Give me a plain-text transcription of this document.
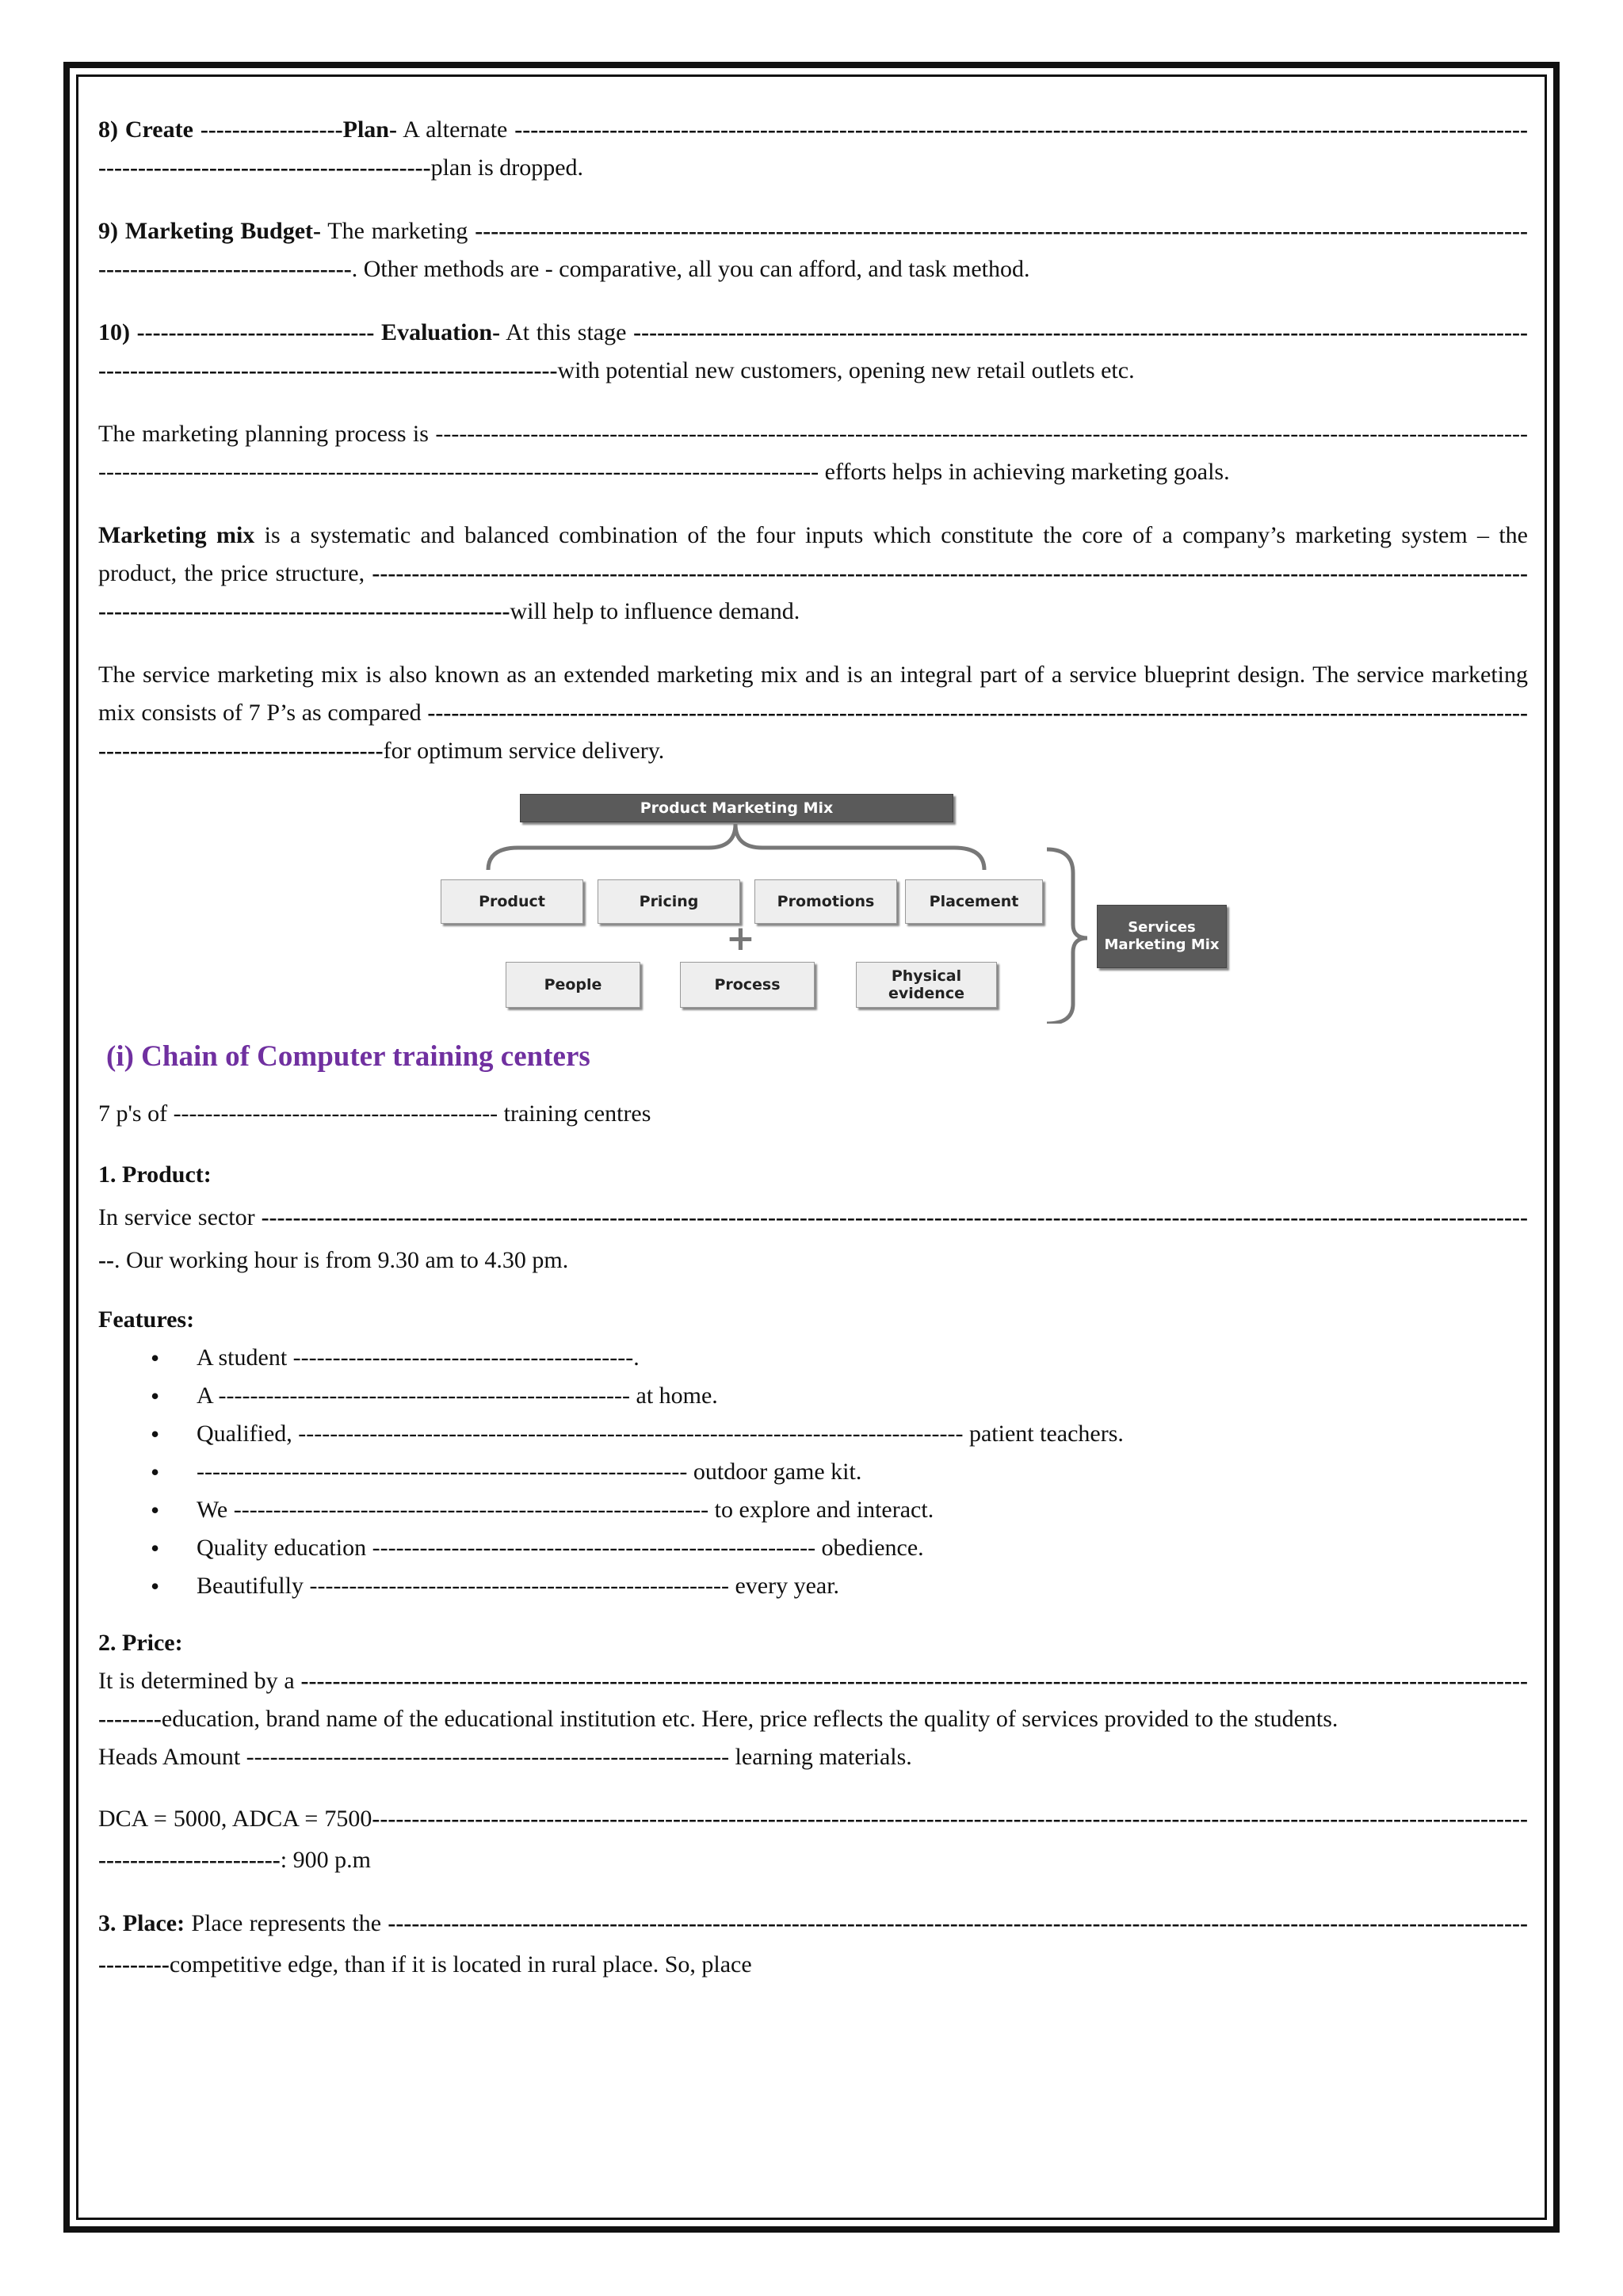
8) Create ------------------Plan- A alternate --------------------------------------------------------------------------------------------------------------------------------------------------------------------------plan is dropped.

9) Marketing Budget- The marketing ---------------------------------------------------------------------------------------------------------------------------------------------------------------------. Other methods are - comparative, all you can afford, and task method.

10) ------------------------------ Evaluation- At this stage ---------------------------------------------------------------------------------------------------------------------------------------------------------------------------with potential new customers, opening new retail outlets etc.

The marketing planning process is ------------------------------------------------------------------------------------------------------------------------------------------------------------------------------------------------------------------------------------- efforts helps in achieving marketing goals.

Marketing mix is a systematic and balanced combination of the four inputs which constitute the core of a company’s marketing system – the product, the price structure, ------------------------------------------------------------------------------------------------------------------------------------------------------------------------------------------------------will help to influence demand.

The service marketing mix is also known as an extended marketing mix and is an integral part of a service blueprint design. The service marketing mix consists of 7 P’s as compared -------------------------------------------------------------------------------------------------------------------------------------------------------------------------------for optimum service delivery.

Product Marketing Mix
Product	Pricing	Promotions	Placement
+
People	Process	Physical evidence
Services Marketing Mix
(i) Chain of Computer training centers

7 p's of ----------------------------------------- training centres

1. Product:
In service sector ------------------------------------------------------------------------------------------------------------------------------------------------------------------. Our working hour is from 9.30 am to 4.30 pm.

Features:
• A student -------------------------------------------.
• A ---------------------------------------------------- at home.
• Qualified, ------------------------------------------------------------------------------------ patient teachers.
• -------------------------------------------------------------- outdoor game kit.
• We ------------------------------------------------------------ to explore and interact.
• Quality education -------------------------------------------------------- obedience.
• Beautifully ----------------------------------------------------- every year.

2. Price:
It is determined by a -------------------------------------------------------------------------------------------------------------------------------------------------------------------education, brand name of the educational institution etc. Here, price reflects the quality of services provided to the students.
Heads Amount ------------------------------------------------------------- learning materials.

DCA = 5000, ADCA = 7500-------------------------------------------------------------------------------------------------------------------------------------------------------------------------: 900 p.m

3. Place: Place represents the ---------------------------------------------------------------------------------------------------------------------------------------------------------competitive edge, than if it is located in rural place. So, place
